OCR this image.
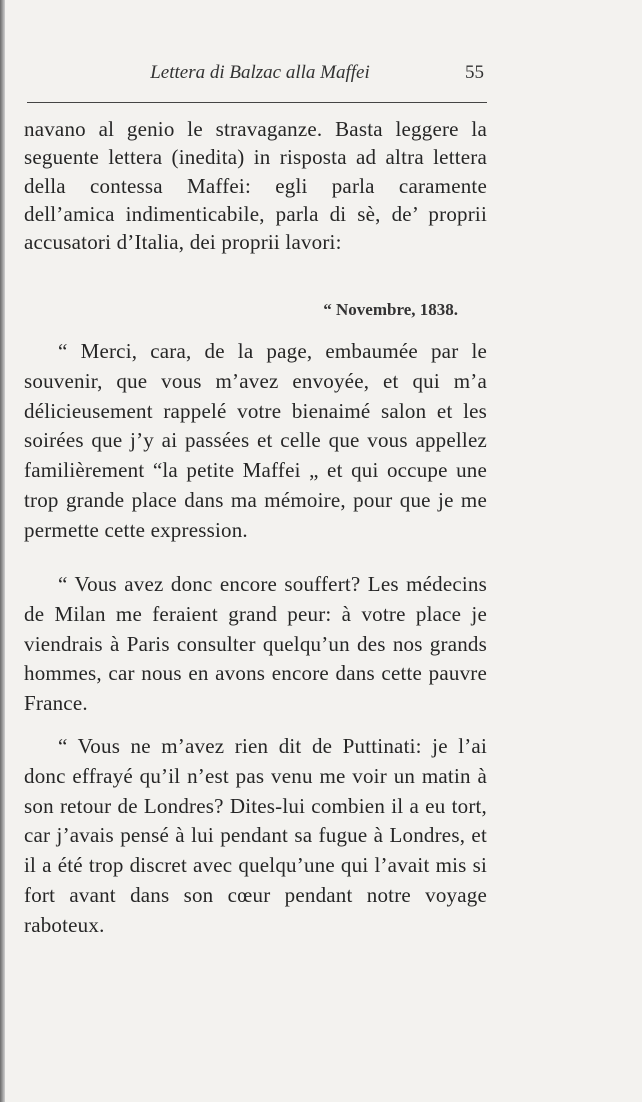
Lettera di Balzac alla Maffei	55

navano al genio le stravaganze. Basta leggere la seguente lettera (inedita) in risposta ad altra lettera della contessa Maffei: egli parla caramente dell’amica indimenticabile, parla di sè, de’ proprii accusatori d’Italia, dei proprii lavori:

“ Novembre, 1838.

“ Merci, cara, de la page, embaumée par le souvenir, que vous m’avez envoyée, et qui m’a délicieusement rappelé votre bienaimé salon et les soirées que j’y ai passées et celle que vous appellez familièrement “la petite Maffei „ et qui occupe une trop grande place dans ma mémoire, pour que je me permette cette expression.

“ Vous avez donc encore souffert? Les médecins de Milan me feraient grand peur: à votre place je viendrais à Paris consulter quelqu’un des nos grands hommes, car nous en avons encore dans cette pauvre France.

“ Vous ne m’avez rien dit de Puttinati: je l’ai donc effrayé qu’il n’est pas venu me voir un matin à son retour de Londres? Dites-lui combien il a eu tort, car j’avais pensé à lui pendant sa fugue à Londres, et il a été trop discret avec quelqu’une qui l’avait mis si fort avant dans son cœur pendant notre voyage raboteux.
